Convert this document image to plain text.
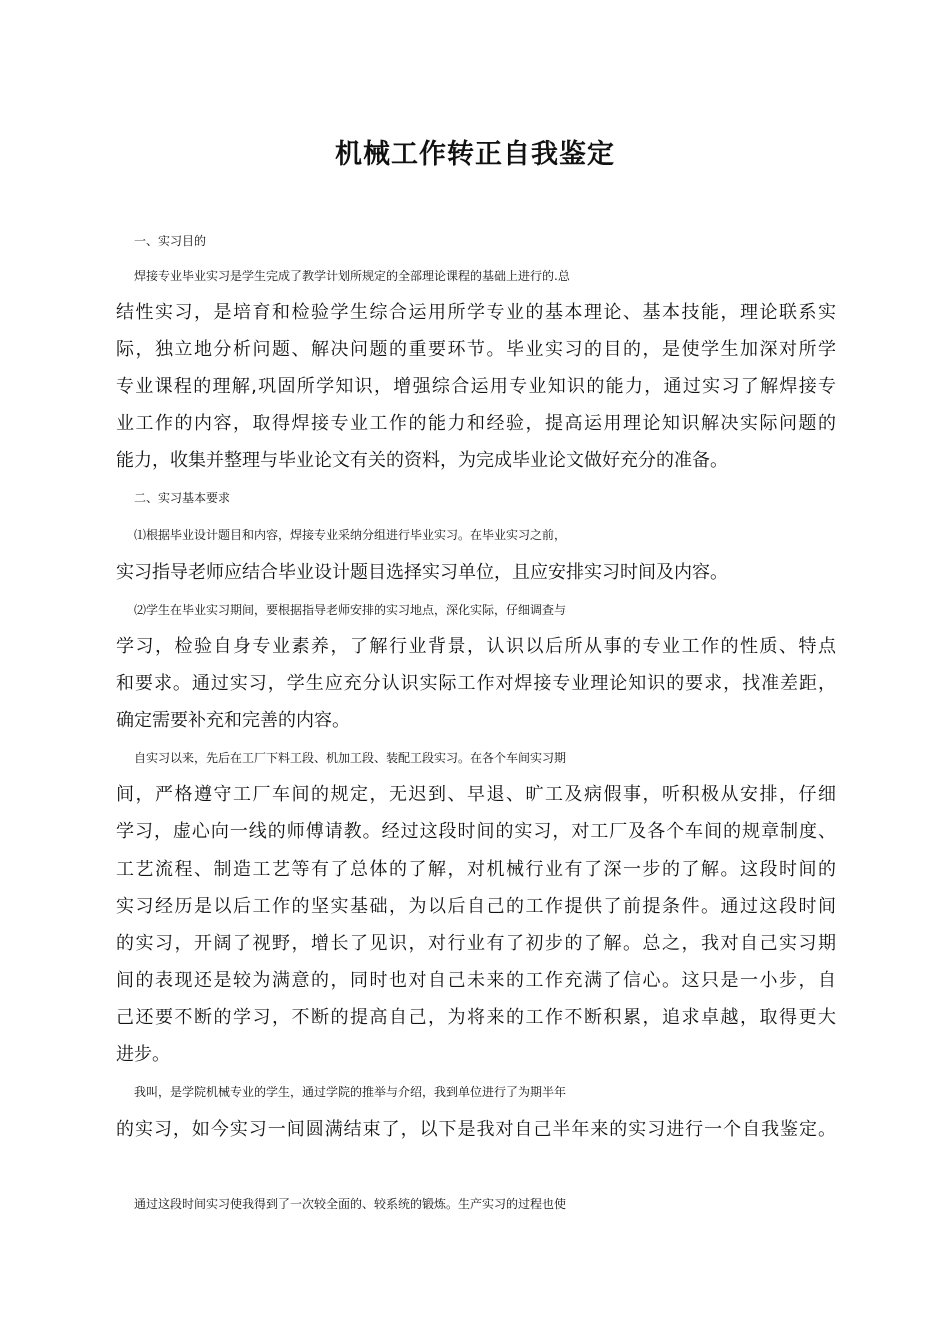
机械工作转正自我鉴定
一、实习目的
焊接专业毕业实习是学生完成了教学计划所规定的全部理论课程的基础上进行的.总
结性实习，是培育和检验学生综合运用所学专业的基本理论、基本技能，理论联系实
际，独立地分析问题、解决问题的重要环节。毕业实习的目的，是使学生加深对所学
专业课程的理解,巩固所学知识，增强综合运用专业知识的能力，通过实习了解焊接专
业工作的内容，取得焊接专业工作的能力和经验，提高运用理论知识解决实际问题的
能力，收集并整理与毕业论文有关的资料，为完成毕业论文做好充分的准备。
二、实习基本要求
⑴根据毕业设计题目和内容，焊接专业采纳分组进行毕业实习。在毕业实习之前，
实习指导老师应结合毕业设计题目选择实习单位，且应安排实习时间及内容。
⑵学生在毕业实习期间，要根据指导老师安排的实习地点，深化实际，仔细调查与
学习，检验自身专业素养，了解行业背景，认识以后所从事的专业工作的性质、特点
和要求。通过实习，学生应充分认识实际工作对焊接专业理论知识的要求，找准差距，
确定需要补充和完善的内容。
自实习以来，先后在工厂下料工段、机加工段、装配工段实习。在各个车间实习期
间，严格遵守工厂车间的规定，无迟到、早退、旷工及病假事，听积极从安排，仔细
学习，虚心向一线的师傅请教。经过这段时间的实习，对工厂及各个车间的规章制度、
工艺流程、制造工艺等有了总体的了解，对机械行业有了深一步的了解。这段时间的
实习经历是以后工作的坚实基础，为以后自己的工作提供了前提条件。通过这段时间
的实习，开阔了视野，增长了见识，对行业有了初步的了解。总之，我对自己实习期
间的表现还是较为满意的，同时也对自己未来的工作充满了信心。这只是一小步，自
己还要不断的学习，不断的提高自己，为将来的工作不断积累，追求卓越，取得更大
进步。
我叫，是学院机械专业的学生，通过学院的推举与介绍，我到单位进行了为期半年
的实习，如今实习一间圆满结束了，以下是我对自己半年来的实习进行一个自我鉴定。
通过这段时间实习使我得到了一次较全面的、较系统的锻炼。生产实习的过程也使
